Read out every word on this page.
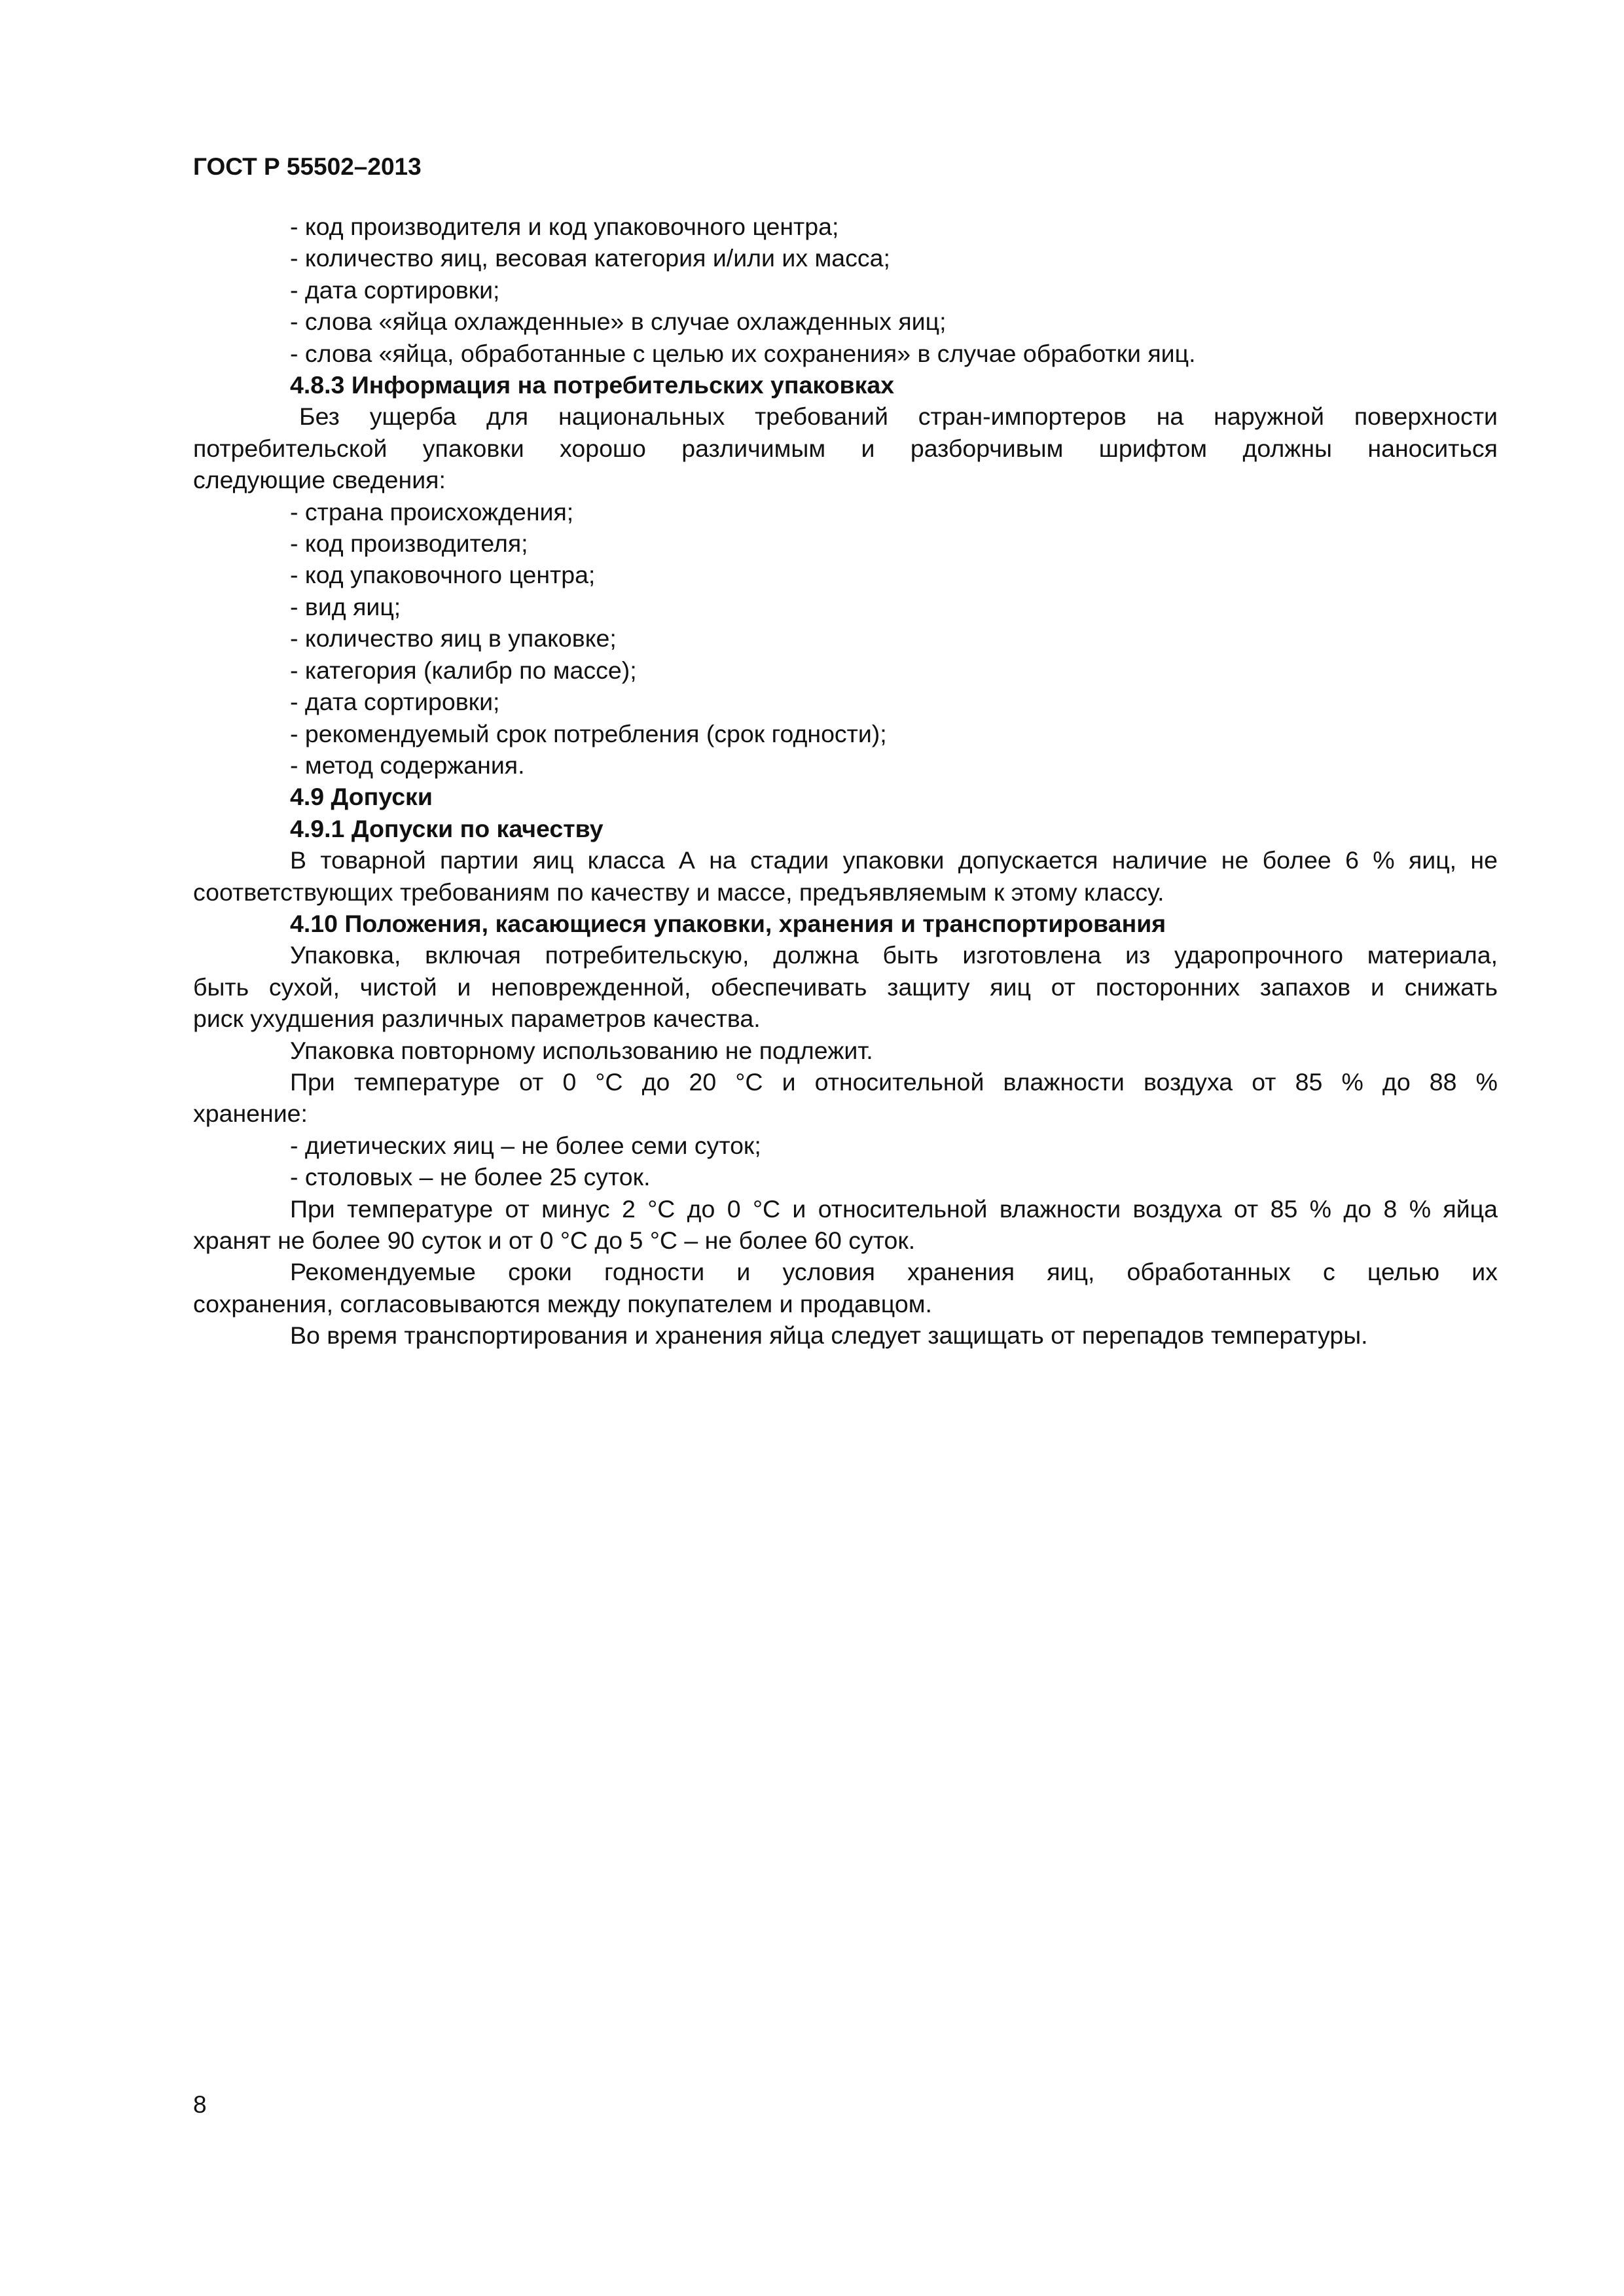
ГОСТ Р 55502–2013

- код производителя и код упаковочного центра;

- количество яиц, весовая категория и/или их масса;

- дата сортировки;

- слова «яйца охлажденные» в случае охлажденных яиц;

- слова «яйца, обработанные с целью их сохранения» в случае обработки яиц.

4.8.3 Информация на потребительских упаковках

Без ущерба для национальных требований стран-импортеров на наружной поверхности

потребительской упаковки хорошо различимым и разборчивым шрифтом должны наноситься

следующие сведения:

- страна происхождения;

- код производителя;

- код упаковочного центра;

- вид яиц;

- количество яиц в упаковке;

- категория (калибр по массе);

- дата сортировки;

- рекомендуемый срок потребления (срок годности);

- метод содержания.

4.9 Допуски

4.9.1 Допуски по качеству

В товарной партии яиц класса А на стадии упаковки допускается наличие не более 6 % яиц, не

соответствующих требованиям по качеству и массе, предъявляемым к этому классу.

4.10 Положения, касающиеся упаковки, хранения и транспортирования

Упаковка, включая потребительскую, должна быть изготовлена из ударопрочного материала,

быть сухой, чистой и неповрежденной, обеспечивать защиту яиц от посторонних запахов и снижать

риск ухудшения различных параметров качества.

Упаковка повторному использованию не подлежит.

При температуре от 0 °С до 20 °С и относительной влажности воздуха от 85 % до 88 %

хранение:

- диетических яиц – не более семи суток;

- столовых – не более 25 суток.

При температуре от минус 2 °С до 0 °С и относительной влажности воздуха от 85 % до 8 % яйца

хранят не более 90 суток и от 0 °С до 5 °С – не более 60 суток.

Рекомендуемые сроки годности и условия хранения яиц, обработанных с целью их

сохранения, согласовываются между покупателем и продавцом.

Во время транспортирования и хранения яйца следует защищать от перепадов температуры.

8
